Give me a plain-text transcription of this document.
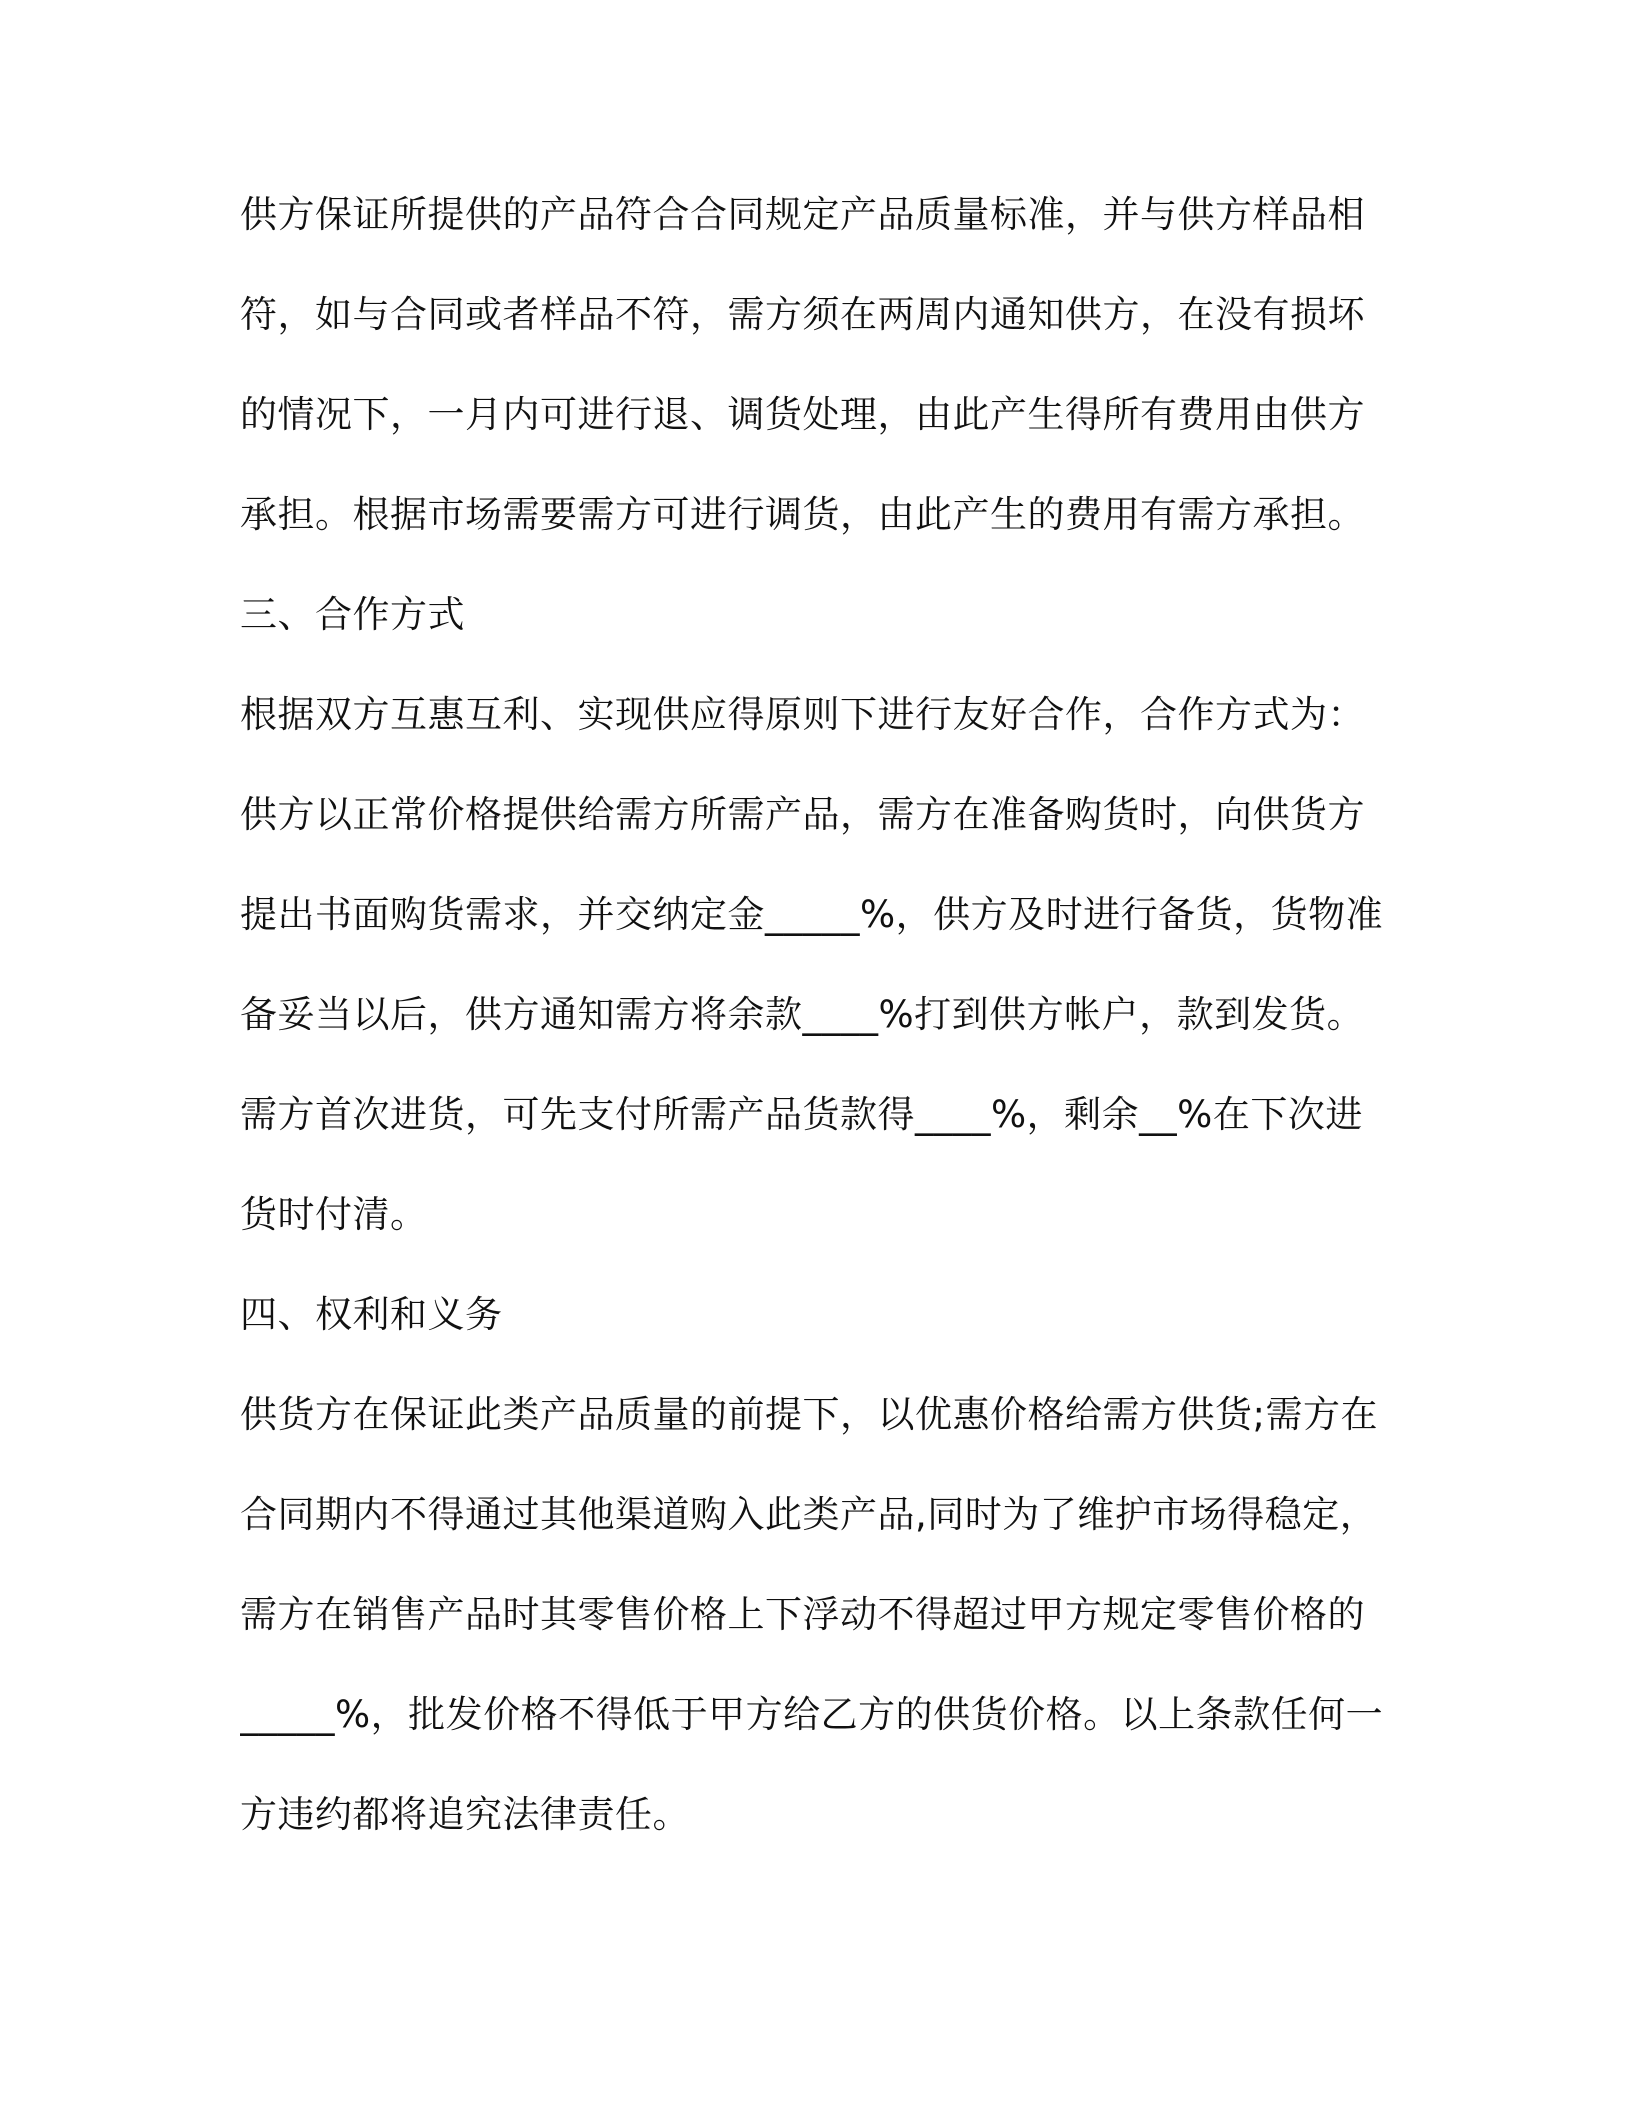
供方保证所提供的产品符合合同规定产品质量标准，并与供方样品相
符，如与合同或者样品不符，需方须在两周内通知供方，在没有损坏
的情况下，一月内可进行退、调货处理，由此产生得所有费用由供方
承担。根据市场需要需方可进行调货，由此产生的费用有需方承担。
三、合作方式
根据双方互惠互利、实现供应得原则下进行友好合作，合作方式为：
供方以正常价格提供给需方所需产品，需方在准备购货时，向供货方
提出书面购货需求，并交纳定金_____%，供方及时进行备货，货物准
备妥当以后，供方通知需方将余款____%打到供方帐户，款到发货。
需方首次进货，可先支付所需产品货款得____%，剩余__%在下次进
货时付清。
四、权利和义务
供货方在保证此类产品质量的前提下，以优惠价格给需方供货;需方在
合同期内不得通过其他渠道购入此类产品,同时为了维护市场得稳定，
需方在销售产品时其零售价格上下浮动不得超过甲方规定零售价格的
_____%，批发价格不得低于甲方给乙方的供货价格。以上条款任何一
方违约都将追究法律责任。
